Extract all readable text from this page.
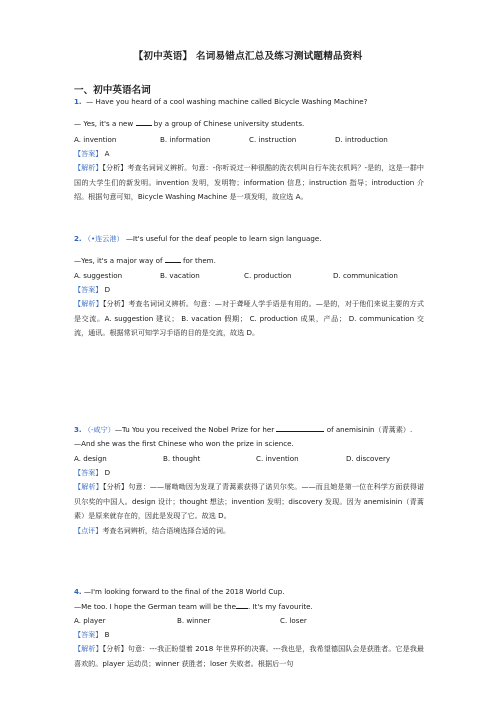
【初中英语】 名词易错点汇总及练习测试题精品资料
一、初中英语名词
1. — Have you heard of a cool washing machine called Bicycle Washing Machine?
— Yes, it's a new	by a group of Chinese university students.
A. invention	B. information	C. instruction	D. introduction
【答案】 A
【解析】【分析】考查名词词义辨析。句意：-你听说过一种很酷的洗衣机叫自行车洗衣机吗？-是的，这是一群中国的大学生们的新发明。invention 发明，发明物；information 信息；instruction 指导；introduction 介绍。根据句意可知，Bicycle Washing Machine 是一项发明，故应选 A。
2. （•连云港） —It's useful for the deaf people to learn sign language.
—Yes, it's a major way of	for them.
A. suggestion	B. vacation	C. production	D. communication
【答案】 D
【解析】【分析】考查名词词义辨析。句意：—对于聋哑人学手语是有用的。—是的，对于他们来说主要的方式是交流。A. suggestion 建议； B. vacation 假期； C. production 成果，产品； D. communication 交流，通讯。根据常识可知学习手语的目的是交流，故选 D。
3. （-咸宁）—Tu You you received the Nobel Prize for her	of anemisinin（青蒿素）.
—And she was the first Chinese who won the prize in science.
A. design	B. thought	C. invention	D. discovery
【答案】 D
【解析】【分析】句意：——屠呦呦因为发现了青蒿素获得了诺贝尔奖。——而且她是第一位在科学方面获得诺贝尔奖的中国人。design 设计；thought 想法；invention 发明；discovery 发现。因为 anemisinin（青蒿素）是原来就存在的，因此是发现了它。故选 D。
【点评】考查名词辨析，结合语境选择合适的词。
4. —I'm looking forward to the final of the 2018 World Cup.
—Me too. I hope the German team will be the . It's my favourite.
A. player	B. winner	C. loser
【答案】 B
【解析】【分析】句意：---我正盼望着 2018 年世界杯的决赛。---我也是，我希望德国队会是获胜者。它是我最喜欢的。player 运动员；winner 获胜者；loser 失败者。根据后一句
